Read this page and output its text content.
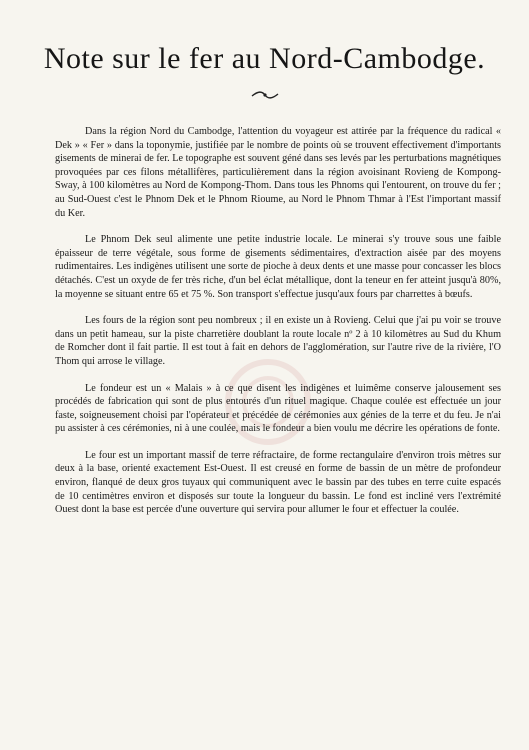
Note sur le fer au Nord-Cambodge.

Dans la région Nord du Cambodge, l'attention du voyageur est attirée par la fréquence du radical « Dek » « Fer » dans la toponymie, justifiée par le nombre de points où se trouvent effectivement d'importants gisements de minerai de fer. Le topographe est souvent géné dans ses levés par les perturbations magnétiques provoquées par ces filons métallifères, particulièrement dans la région avoisinant Rovieng de Kompong-Sway, à 100 kilomètres au Nord de Kompong-Thom. Dans tous les Phnoms qui l'entourent, on trouve du fer ; au Sud-Ouest c'est le Phnom Dek et le Phnom Rioume, au Nord le Phnom Thmar à l'Est l'important massif du Ker.

Le Phnom Dek seul alimente une petite industrie locale. Le minerai s'y trouve sous une faible épaisseur de terre végétale, sous forme de gisements sédimentaires, d'extraction aisée par des moyens rudimentaires. Les indigènes utilisent une sorte de pioche à deux dents et une masse pour concasser les blocs détachés. C'est un oxyde de fer très riche, d'un bel éclat métallique, dont la teneur en fer atteint jusqu'à 80%, la moyenne se situant entre 65 et 75 %. Son transport s'effectue jusqu'aux fours par charrettes à bœufs.

Les fours de la région sont peu nombreux ; il en existe un à Rovieng. Celui que j'ai pu voir se trouve dans un petit hameau, sur la piste charretière doublant la route locale nº 2 à 10 kilomètres au Sud du Khum de Romcher dont il fait partie. Il est tout à fait en dehors de l'agglomération, sur l'autre rive de la rivière, l'O Thom qui arrose le village.

Le fondeur est un « Malais » à ce que disent les indigènes et luimême conserve jalousement ses procédés de fabrication qui sont de plus entourés d'un rituel magique. Chaque coulée est effectuée un jour faste, soigneusement choisi par l'opérateur et précédée de cérémonies aux génies de la terre et du feu. Je n'ai pu assister à ces cérémonies, ni à une coulée, mais le fondeur a bien voulu me décrire les opérations de fonte.

Le four est un important massif de terre réfractaire, de forme rectangulaire d'environ trois mètres sur deux à la base, orienté exactement Est-Ouest. Il est creusé en forme de bassin de un mètre de profondeur environ, flanqué de deux gros tuyaux qui communiquent avec le bassin par des tubes en terre cuite espacés de 10 centimètres environ et disposés sur toute la longueur du bassin. Le fond est incliné vers l'extrémité Ouest dont la base est percée d'une ouverture qui servira pour allumer le four et effectuer la coulée.
